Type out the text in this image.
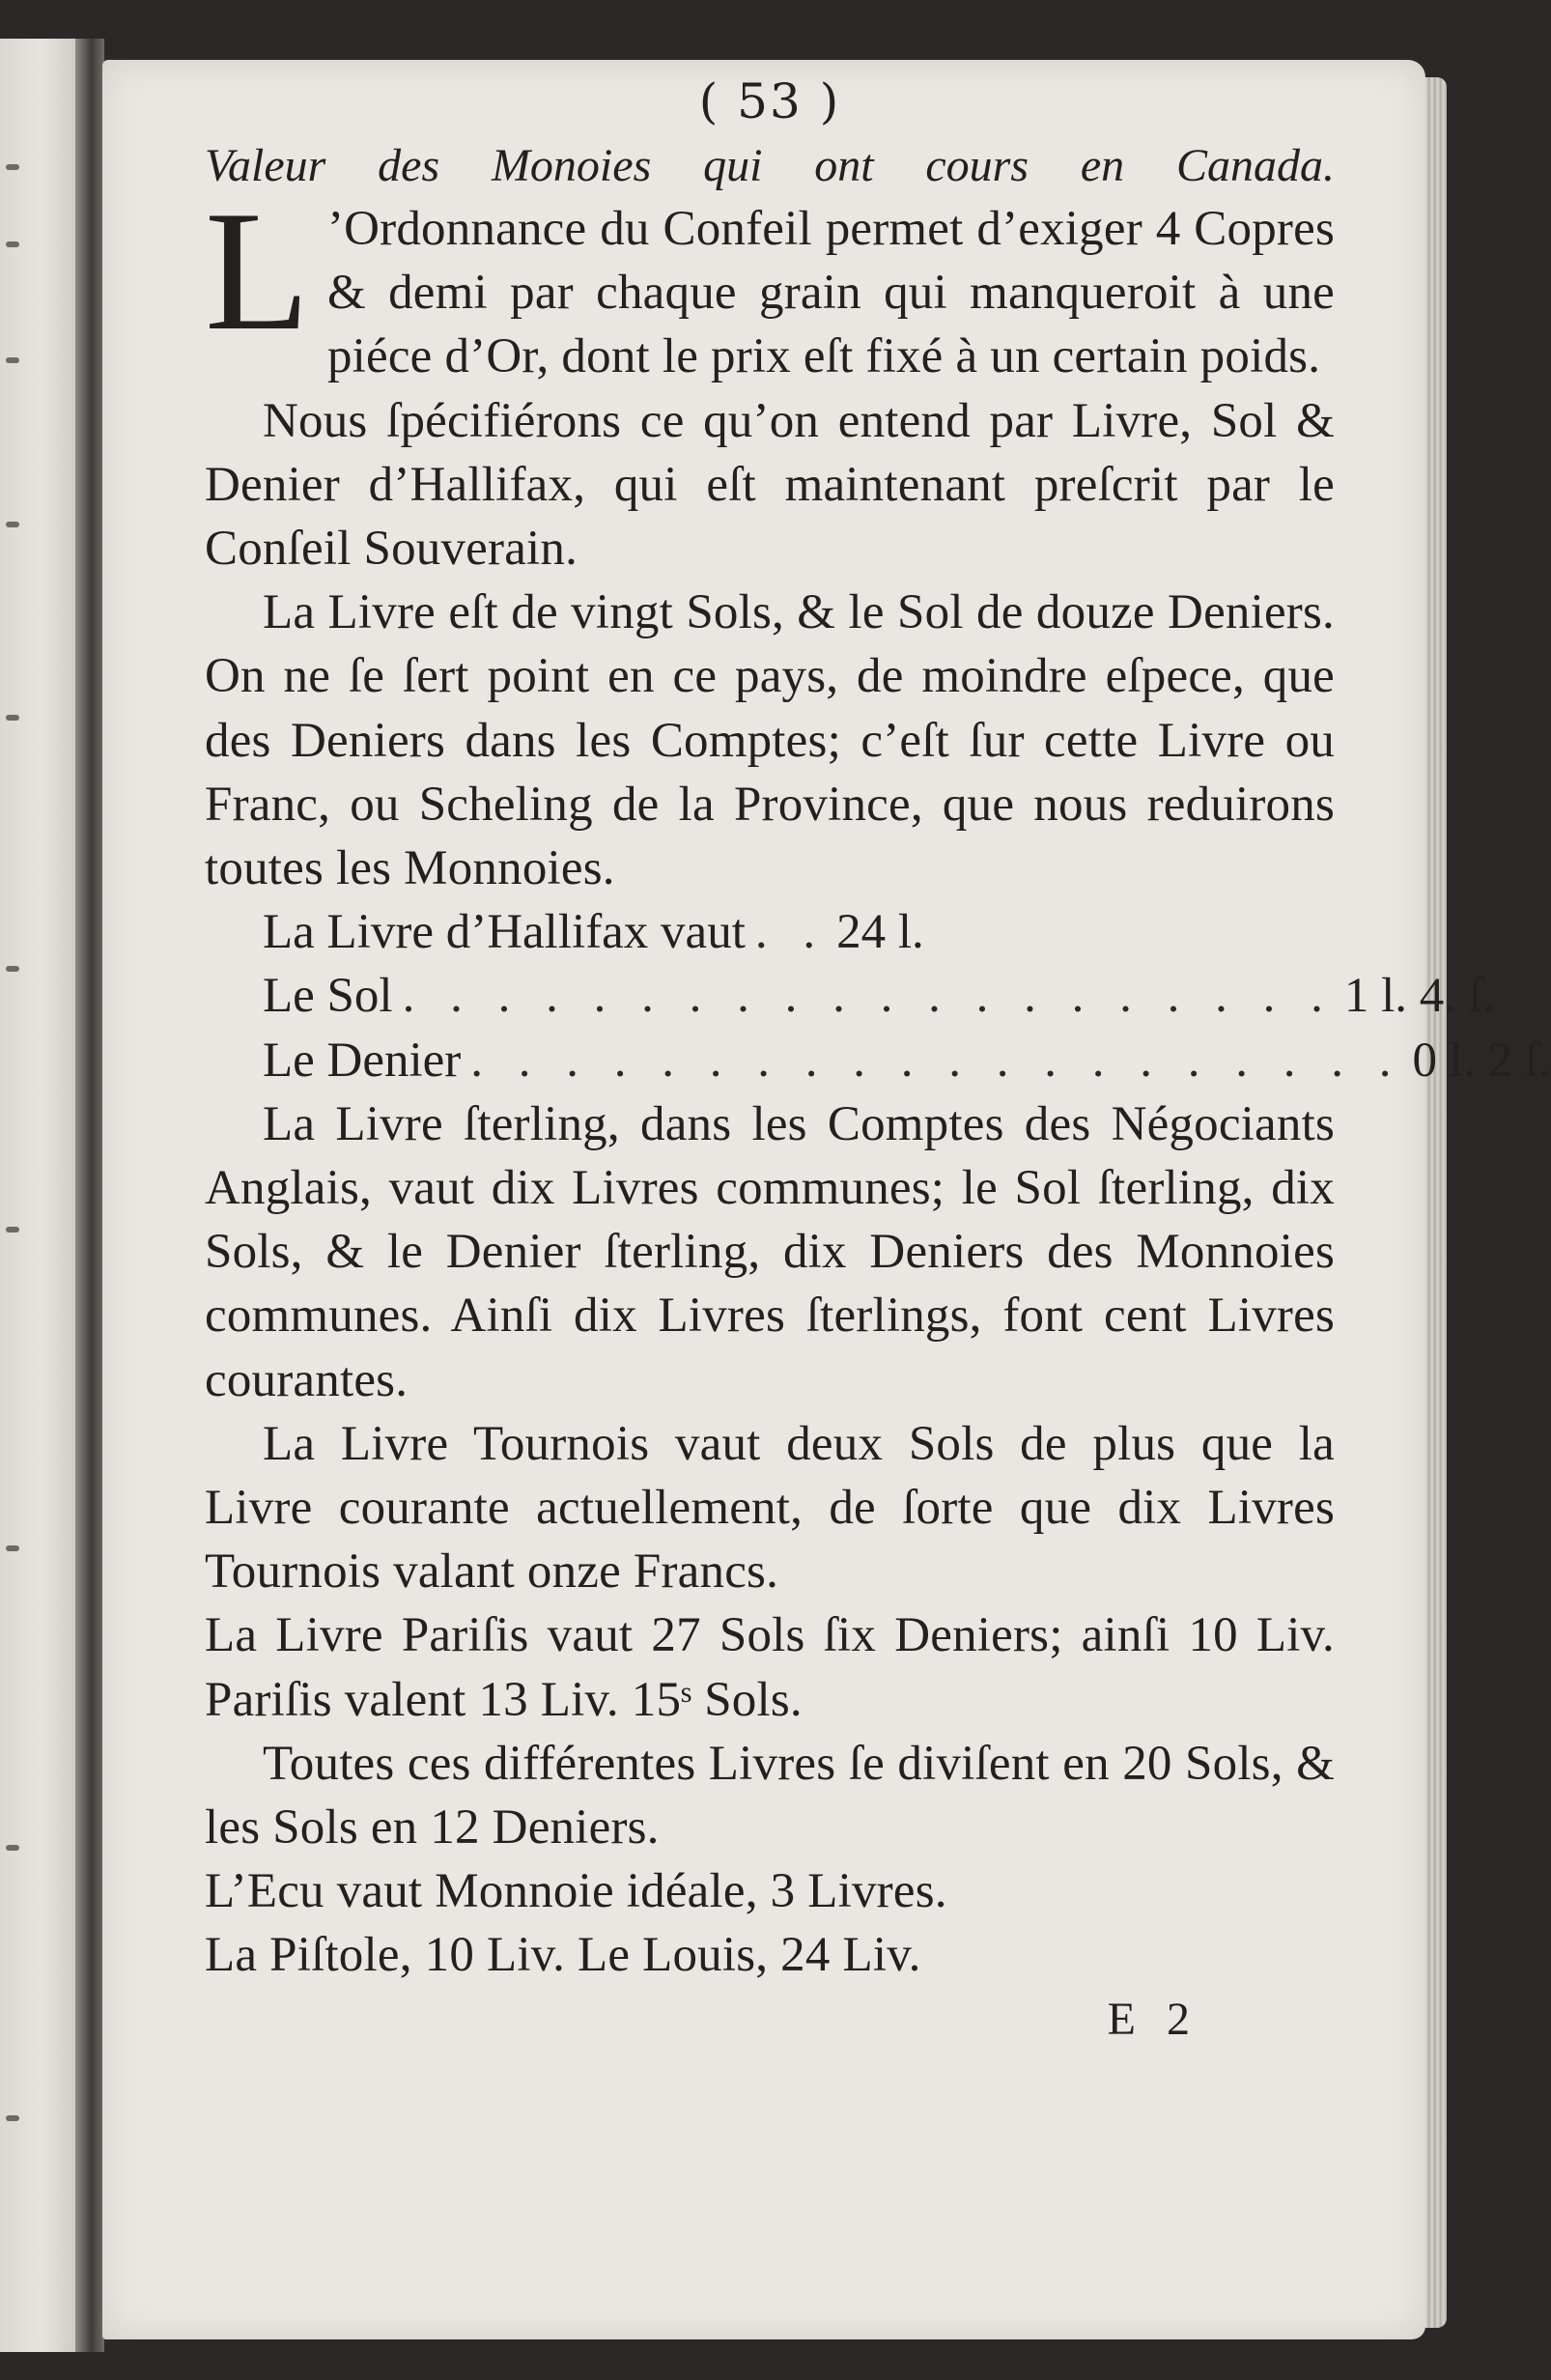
( 53 )

Valeur des Monoies qui ont cours en Canada.

L ’Ordonnance du Confeil permet d’exiger 4 Copres & demi par chaque grain qui manqueroit à une piéce d’Or, dont le prix eſt fixé à un certain poids.

Nous ſpécifiérons ce qu’on entend par Livre, Sol & Denier d’Hallifax, qui eſt maintenant preſcrit par le Conſeil Souverain.

La Livre eſt de vingt Sols, & le Sol de douze Deniers. On ne ſe ſert point en ce pays, de moindre eſpece, que des Deniers dans les Comptes; c’eſt ſur cette Livre ou Franc, ou Scheling de la Province, que nous reduirons toutes les Monnoies.

La Livre d’Hallifax vaut . . 24 l.
Le Sol . . . . . . . . . . . . . . . . . . . . 1 l. 4. ſ.
Le Denier . . . . . . . . . . . . . . . . . . . . 0 l. 2 ſ.

La Livre ſterling, dans les Comptes des Négociants Anglais, vaut dix Livres communes; le Sol ſterling, dix Sols, & le Denier ſterling, dix Deniers des Monnoies communes. Ainſi dix Livres ſterlings, font cent Livres courantes.

La Livre Tournois vaut deux Sols de plus que la Livre courante actuellement, de ſorte que dix Livres Tournois valant onze Francs.

La Livre Pariſis vaut 27 Sols ſix Deniers; ainſi 10 Liv. Pariſis valent 13 Liv. 15ˢ Sols.

Toutes ces différentes Livres ſe diviſent en 20 Sols, & les Sols en 12 Deniers.

L’Ecu vaut Monnoie idéale, 3 Livres.

La Piſtole, 10 Liv. Le Louis, 24 Liv.

E 2
